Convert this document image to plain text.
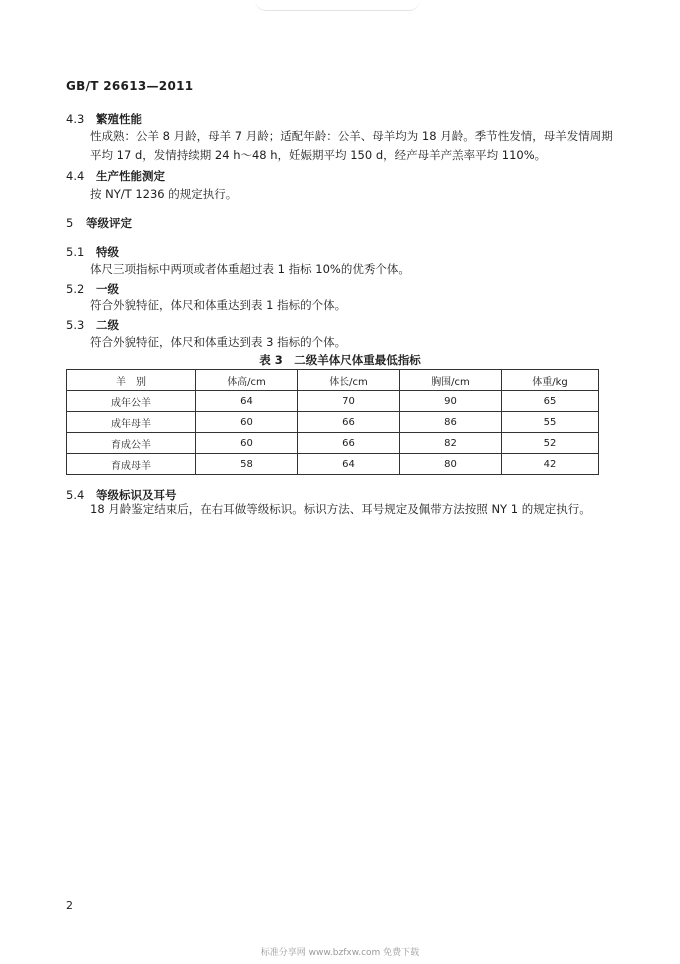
GB/T 26613—2011
4.3 繁殖性能
性成熟：公羊 8 月龄，母羊 7 月龄；适配年龄：公羊、母羊均为 18 月龄。季节性发情，母羊发情周期
平均 17 d，发情持续期 24 h～48 h，妊娠期平均 150 d，经产母羊产羔率平均 110%。
4.4 生产性能测定
按 NY/T 1236 的规定执行。
5 等级评定
5.1 特级
体尺三项指标中两项或者体重超过表 1 指标 10%的优秀个体。
5.2 一级
符合外貌特征，体尺和体重达到表 1 指标的个体。
5.3 二级
符合外貌特征，体尺和体重达到表 3 指标的个体。
表 3　二级羊体尺体重最低指标
羊　别	体高/cm	体长/cm	胸围/cm	体重/kg
成年公羊	64	70	90	65
成年母羊	60	66	86	55
育成公羊	60	66	82	52
育成母羊	58	64	80	42
5.4 等级标识及耳号
18 月龄鉴定结束后，在右耳做等级标识。标识方法、耳号规定及佩带方法按照 NY 1 的规定执行。
2
标准分享网 www.bzfxw.com 免费下载
